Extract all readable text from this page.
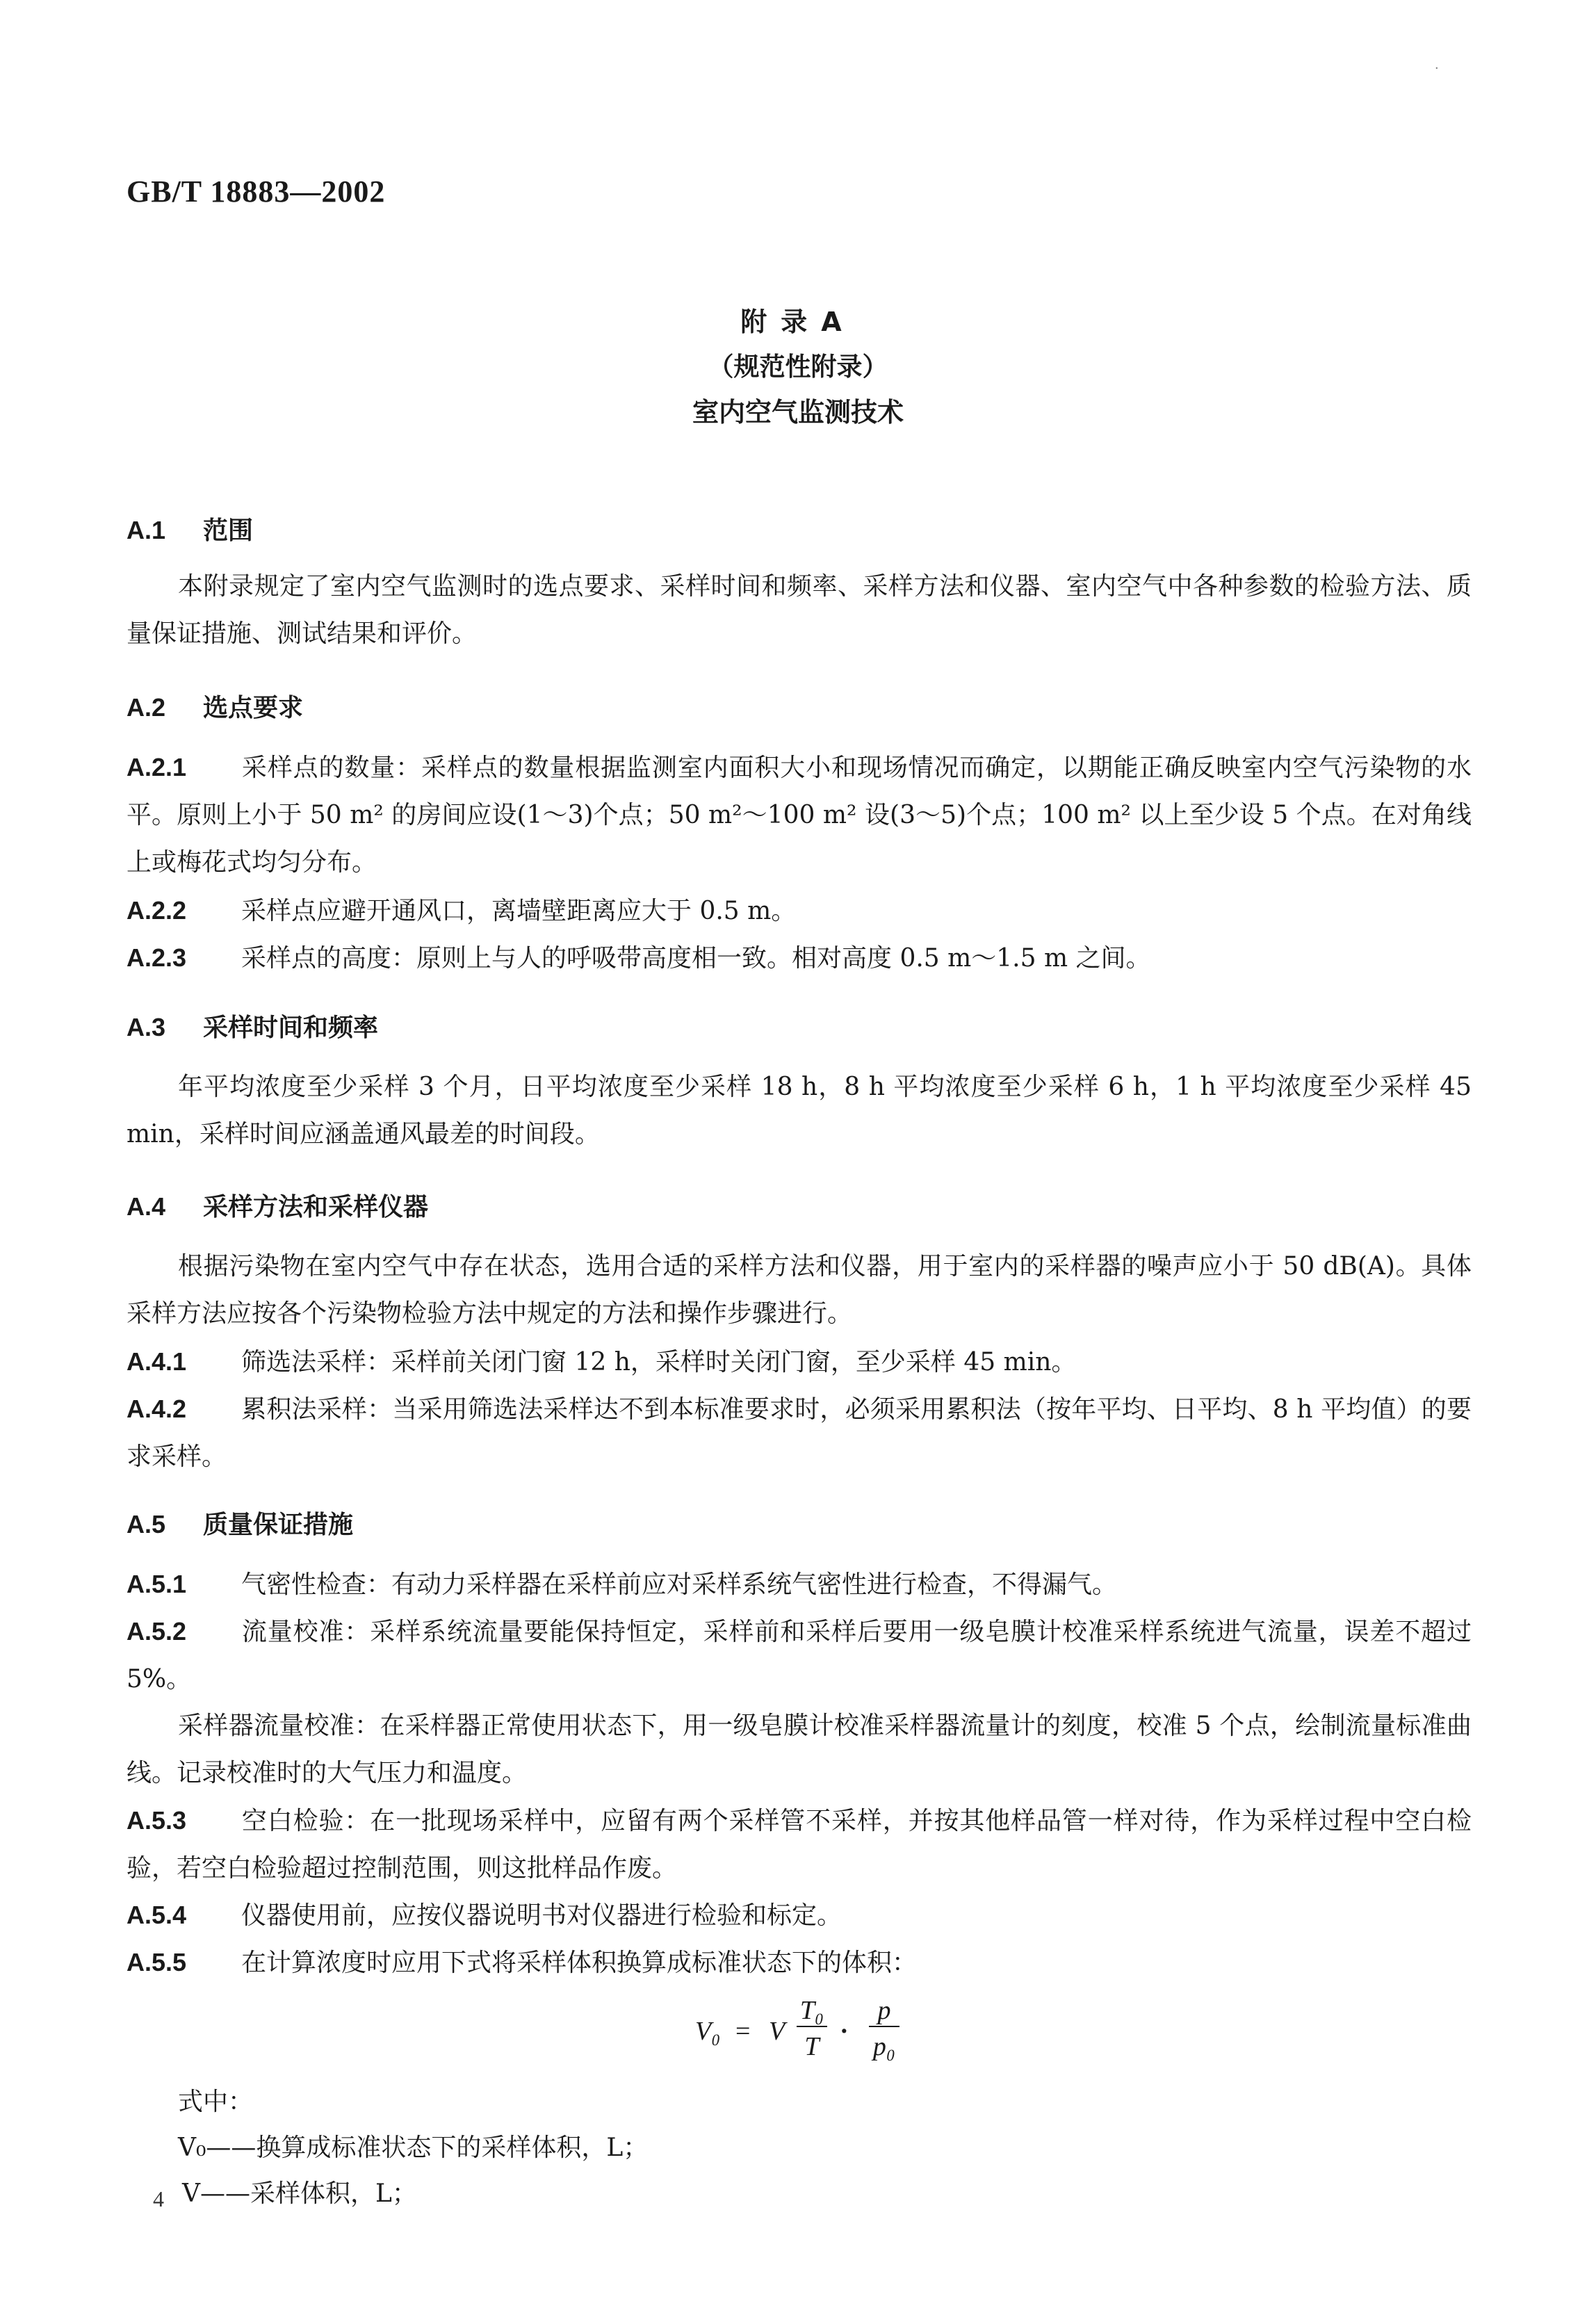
·
GB/T 18883—2002
附录A
（规范性附录）
室内空气监测技术
A.1 范围
本附录规定了室内空气监测时的选点要求、采样时间和频率、采样方法和仪器、室内空气中各种参数的检验方法、质量保证措施、测试结果和评价。
A.2 选点要求
A.2.1 采样点的数量：采样点的数量根据监测室内面积大小和现场情况而确定，以期能正确反映室内空气污染物的水平。原则上小于 50 m² 的房间应设(1～3)个点；50 m²～100 m² 设(3～5)个点；100 m² 以上至少设 5 个点。在对角线上或梅花式均匀分布。
A.2.2 采样点应避开通风口，离墙壁距离应大于 0.5 m。
A.2.3 采样点的高度：原则上与人的呼吸带高度相一致。相对高度 0.5 m～1.5 m 之间。
A.3 采样时间和频率
年平均浓度至少采样 3 个月，日平均浓度至少采样 18 h，8 h 平均浓度至少采样 6 h，1 h 平均浓度至少采样 45 min，采样时间应涵盖通风最差的时间段。
A.4 采样方法和采样仪器
根据污染物在室内空气中存在状态，选用合适的采样方法和仪器，用于室内的采样器的噪声应小于 50 dB(A)。具体采样方法应按各个污染物检验方法中规定的方法和操作步骤进行。
A.4.1 筛选法采样：采样前关闭门窗 12 h，采样时关闭门窗，至少采样 45 min。
A.4.2 累积法采样：当采用筛选法采样达不到本标准要求时，必须采用累积法（按年平均、日平均、8 h 平均值）的要求采样。
A.5 质量保证措施
A.5.1 气密性检查：有动力采样器在采样前应对采样系统气密性进行检查，不得漏气。
A.5.2 流量校准：采样系统流量要能保持恒定，采样前和采样后要用一级皂膜计校准采样系统进气流量，误差不超过 5%。
采样器流量校准：在采样器正常使用状态下，用一级皂膜计校准采样器流量计的刻度，校准 5 个点，绘制流量标准曲线。记录校准时的大气压力和温度。
A.5.3 空白检验：在一批现场采样中，应留有两个采样管不采样，并按其他样品管一样对待，作为采样过程中空白检验，若空白检验超过控制范围，则这批样品作废。
A.5.4 仪器使用前，应按仪器说明书对仪器进行检验和标定。
A.5.5 在计算浓度时应用下式将采样体积换算成标准状态下的体积：
V₀ = V
T₀
T
·
p
p₀
式中：
V₀——换算成标准状态下的采样体积，L；
V——采样体积，L；
4
